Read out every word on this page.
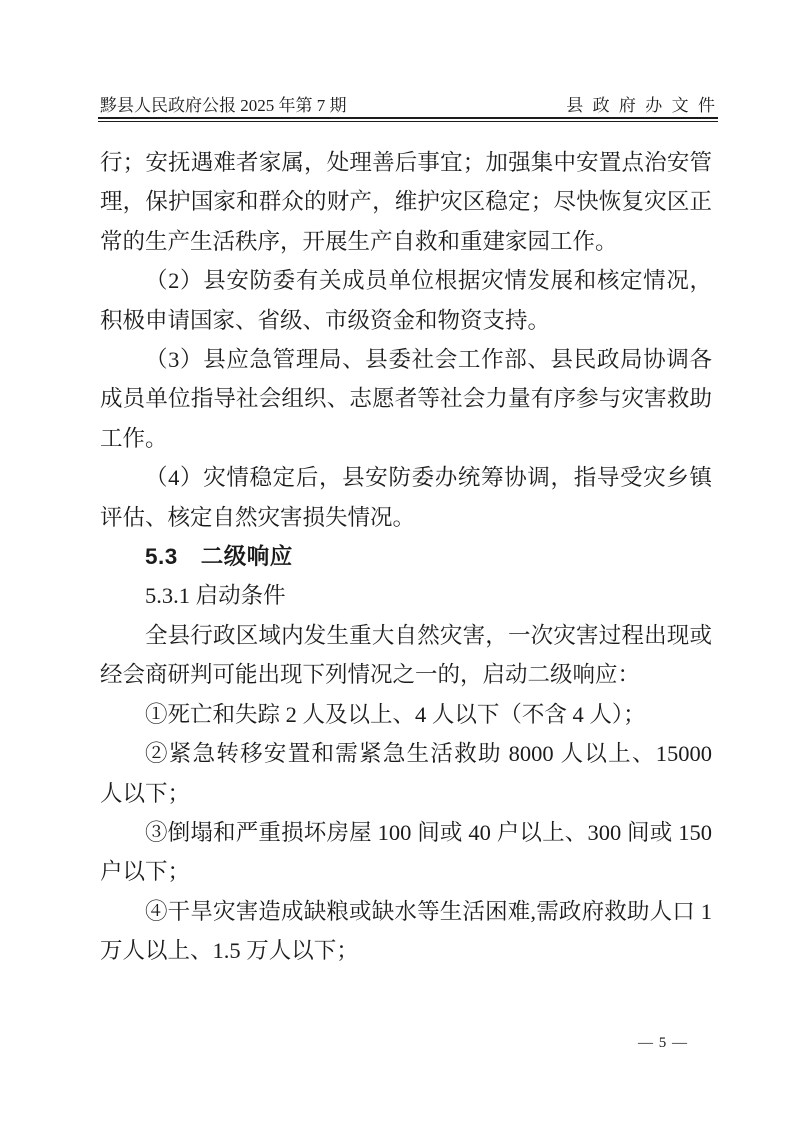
黟县人民政府公报 2025 年第 7 期	县政府办文件

行；安抚遇难者家属，处理善后事宜；加强集中安置点治安管理，保护国家和群众的财产，维护灾区稳定；尽快恢复灾区正常的生产生活秩序，开展生产自救和重建家园工作。

（2）县安防委有关成员单位根据灾情发展和核定情况，积极申请国家、省级、市级资金和物资支持。

（3）县应急管理局、县委社会工作部、县民政局协调各成员单位指导社会组织、志愿者等社会力量有序参与灾害救助工作。

（4）灾情稳定后，县安防委办统筹协调，指导受灾乡镇评估、核定自然灾害损失情况。

5.3　二级响应

5.3.1 启动条件

全县行政区域内发生重大自然灾害，一次灾害过程出现或经会商研判可能出现下列情况之一的，启动二级响应：

①死亡和失踪 2 人及以上、4 人以下（不含 4 人）；

②紧急转移安置和需紧急生活救助 8000 人以上、15000 人以下；

③倒塌和严重损坏房屋 100 间或 40 户以上、300 间或 150 户以下；

④干旱灾害造成缺粮或缺水等生活困难,需政府救助人口 1 万人以上、1.5 万人以下；

— 5 —
